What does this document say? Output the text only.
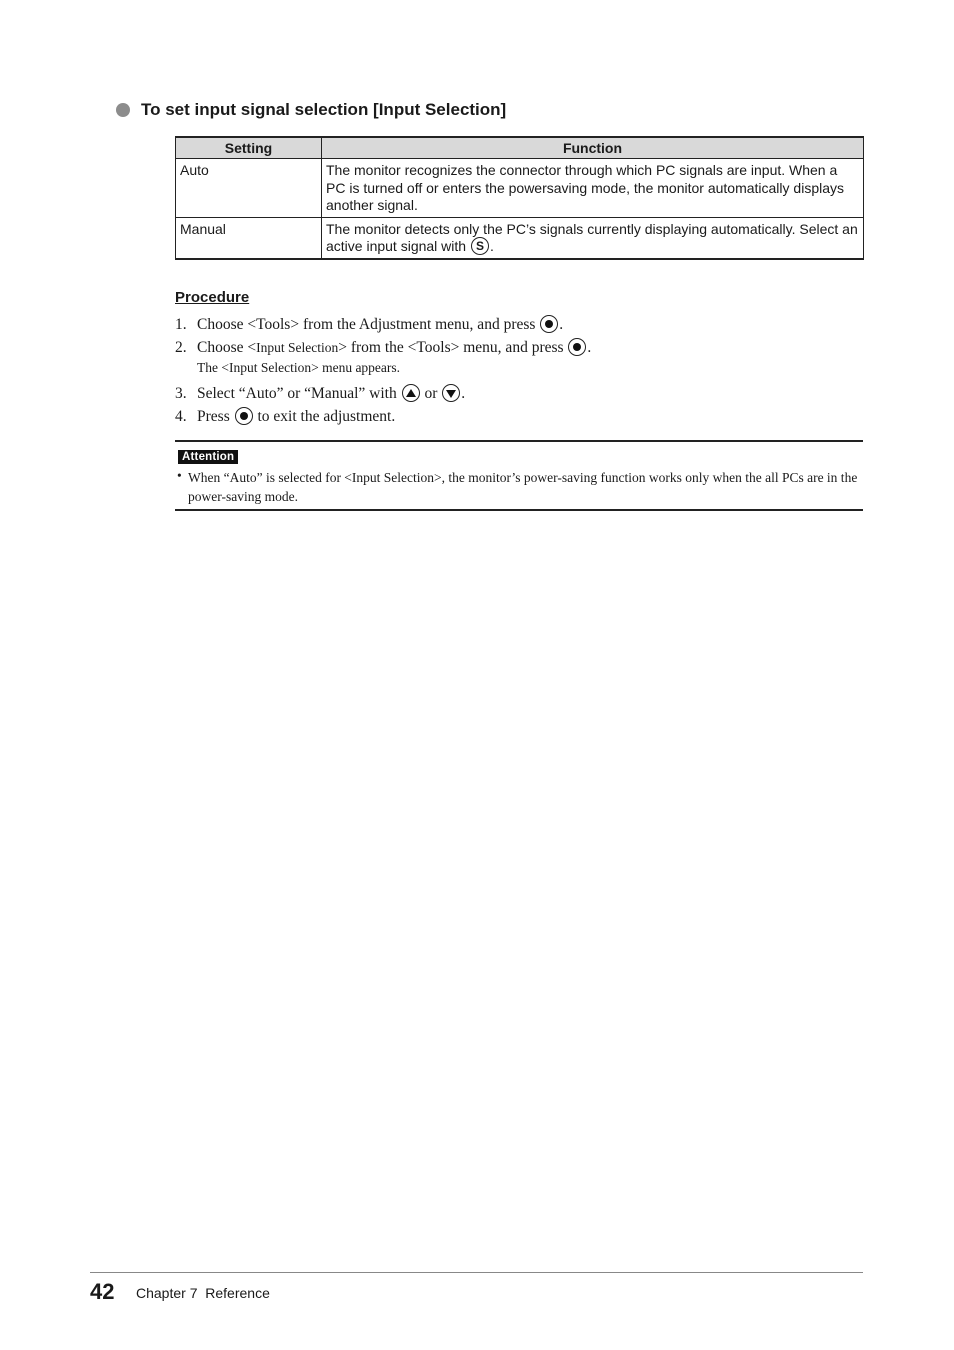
To set input signal selection [Input Selection]
Setting	Function
Auto	The monitor recognizes the connector through which PC signals are input. When a PC is turned off or enters the powersaving mode, the monitor automatically displays another signal.
Manual	The monitor detects only the PC’s signals currently displaying automatically. Select an active input signal with S .
Procedure
1. Choose <Tools> from the Adjustment menu, and press .
2. Choose <Input Selection> from the <Tools> menu, and press .
The <Input Selection> menu appears.
3. Select “Auto” or “Manual” with or .
4. Press to exit the adjustment.
Attention
• When “Auto” is selected for <Input Selection>, the monitor’s power-saving function works only when the all PCs are in the power-saving mode.
42 Chapter 7  Reference
